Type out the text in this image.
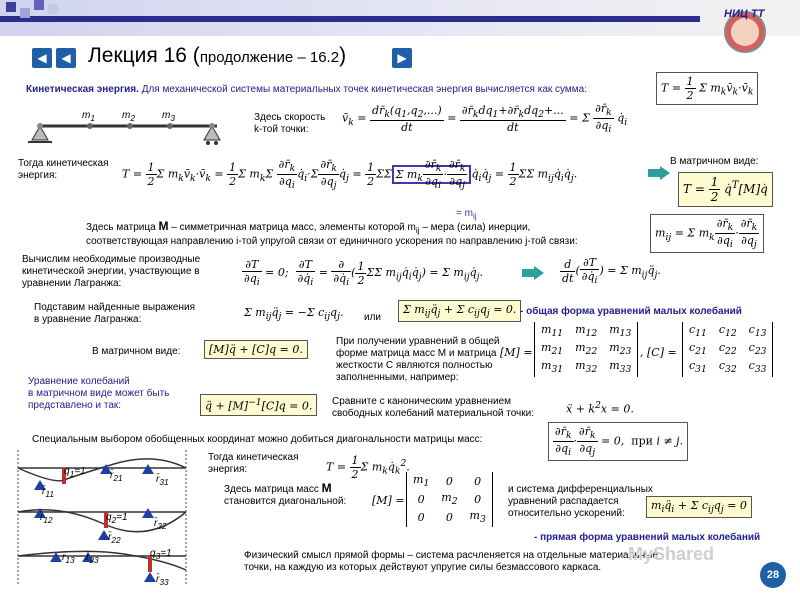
НИЦ ТТ
◀	◀ Лекция 16 (продолжение – 16.2)	▶
Кинетическая энергия. Для механической системы материальных точек кинетическая энергия вычисляется как сумма:	$T = \frac{1}{2}$ Σ $m_kv̄_k\cdot v̄_k$
$m_1$	$m_2$	$m_3$	Здесь скорость
k-той точки:
$v̄_k = \frac{dr̄_k(q_1,q_2,...)}{dt} = \frac{\partial r̄_kdq_1+\partial r̄_kdq_2+...}{dt} = \Sigma \frac{\partial r̄_k}{\partial q_i}$ $q̇_i$
Тогда кинетическая
энергия:	$T = \frac{1}{2}$ Σ $m_kv̄_k\cdot v̄_k = \frac{1}{2}$ Σ $m_k\Sigma \frac{\partial r̄_k}{\partial q_i}$ $q̇_i\cdot\Sigma \frac{\partial r̄_k}{\partial q_j}$ $q̇_j = \frac{1}{2}$ ΣΣ Σ $m_k \frac{\partial r̄_k}{\partial q_i} \cdot \frac{\partial r̄_k}{\partial q_j}$ $q̇_iq̇_j = \frac{1}{2}$ ΣΣ $m_{ij}q̇_iq̇_j$.
В матричном виде:
$T = \frac{1}{2}$ q̇$^T$[M]q̇
= $m_{ij}$
Здесь матрица M – симметричная матрица масс, элементы которой $m_{ij}$ – мера (сила) инерции,
соответствующая направлению i-той упругой связи от единичного ускорения по направлению j-той связи:
$m_{ij} = \Sigma$ $m_k \frac{\partial r̄_k}{\partial q_i} \cdot \frac{\partial r̄_k}{\partial q_j}$
Вычислим необходимые производные
кинетической энергии, участвующие в
уравнении Лагранжа:	$\frac{\partial T}{\partial q_i} = 0$; $\frac{\partial T}{\partial q̇_i} = \frac{\partial}{\partial q̇_i}$ ( $\frac{1}{2}$ ΣΣ $m_{ij}q̇_iq̇_j) = \Sigma$ $m_{ij}q̇_j$.	$\frac{d}{dt}$ ( $\frac{\partial T}{\partial q̇_i}$ ) = Σ $m_{ij}q̈_j$.
Подставим найденные выражения
в уравнение Лагранжа:
Σ $m_{ij}q̈_j = -\Sigma$ $c_{ij}q_j$. или
Σ $m_{ij}q̈_j + \Sigma$ $c_{ij}q_j = 0$. - общая форма уравнений малых колебаний
В матричном виде:	[M]q̈ + [C]q = 0.
При получении уравнений в общей
форме матрица масс M и матрица
жесткости C являются полностью
заполненными, например:
[M] =
$m_{11}$	$m_{12}$	$m_{13}$
$m_{21}$	$m_{22}$	$m_{23}$
$m_{31}$	$m_{32}$	$m_{33}$
, [C] =
$c_{11}$	$c_{12}$	$c_{13}$
$c_{21}$	$c_{22}$	$c_{23}$
$c_{31}$	$c_{32}$	$c_{33}$
Уравнение колебаний
в матричном виде может быть
представлено и так:	q̈ + $[M]^{-1}[C]q = 0$.	Сравните с каноническим уравнением
свободных колебаний материальной точки:	ẍ + $k^2x = 0$.
Специальным выбором обобщенных координат можно добиться диагональности матрицы масс:	$\frac{\partial r̄_k}{\partial q_i} \cdot \frac{\partial r̄_k}{\partial q_j} = 0$,  при i ≠ j.
$q_1=1$
$r̄_{11}$
$r̄_{21}$	$r̄_{31}$
$r̄_{12}$	$q_2=1$
$r̄_{22}$
$r̄_{32}$
$r̄_{13}$ $r̄_{23}$
$q_3=1$
$r̄_{33}$
Тогда кинетическая
энергия:	$T = \frac{1}{2}$ Σ $m_kq̇_k^2$.
Здесь матрица масс M
становится диагональной: [M] =
$m_1$	0	0
0	$m_2$	0
0	0	$m_3$
и система дифференциальных
уравнений распадается
относительно ускорений:
$m_iq̈_i + \Sigma$ $c_{ij}q_j = 0$
- прямая форма уравнений малых колебаний
Физический смысл прямой формы – система расчленяется на отдельные материальные
точки, на каждую из которых действуют упругие силы безмассового каркаса.
MyShared
28
